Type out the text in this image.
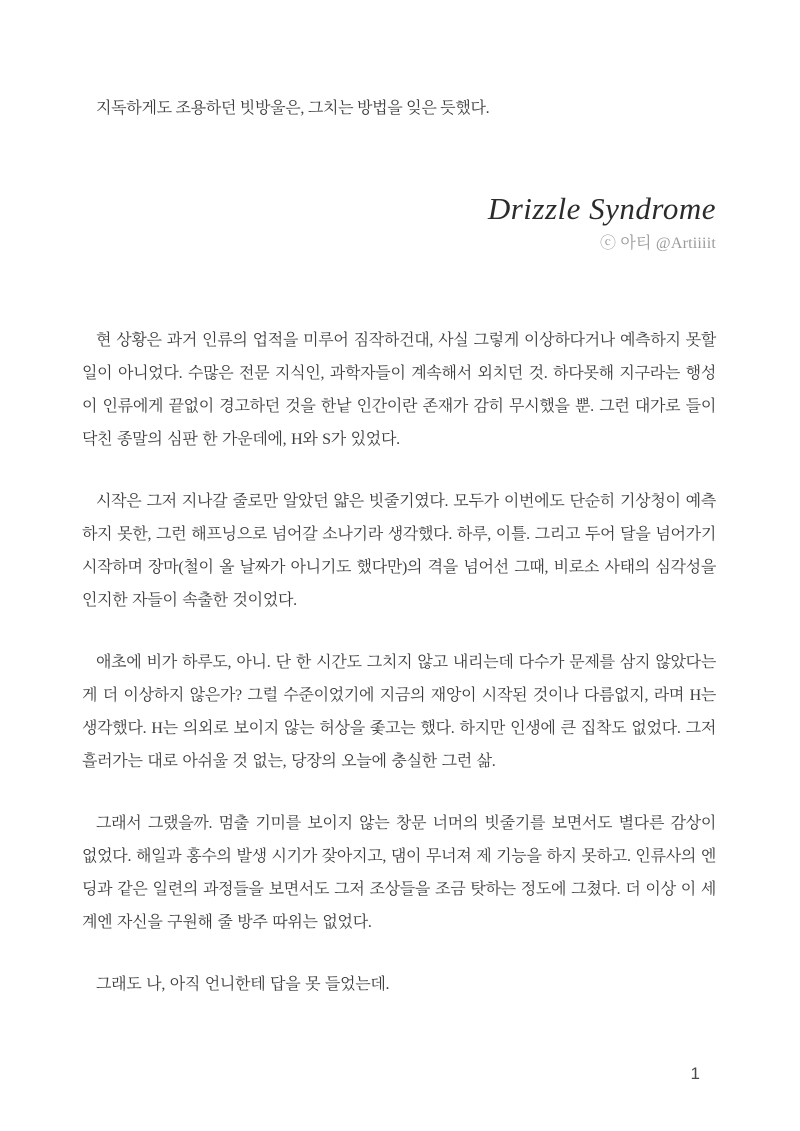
지독하게도 조용하던 빗방울은, 그치는 방법을 잊은 듯했다.

Drizzle Syndrome
ⓒ 아티 @Artiiiit

현 상황은 과거 인류의 업적을 미루어 짐작하건대, 사실 그렇게 이상하다거나 예측하지 못할 일이 아니었다. 수많은 전문 지식인, 과학자들이 계속해서 외치던 것. 하다못해 지구라는 행성이 인류에게 끝없이 경고하던 것을 한낱 인간이란 존재가 감히 무시했을 뿐. 그런 대가로 들이닥친 종말의 심판 한 가운데에, H와 S가 있었다.

시작은 그저 지나갈 줄로만 알았던 얇은 빗줄기였다. 모두가 이번에도 단순히 기상청이 예측하지 못한, 그런 해프닝으로 넘어갈 소나기라 생각했다. 하루, 이틀. 그리고 두어 달을 넘어가기 시작하며 장마(철이 올 날짜가 아니기도 했다만)의 격을 넘어선 그때, 비로소 사태의 심각성을 인지한 자들이 속출한 것이었다.

애초에 비가 하루도, 아니. 단 한 시간도 그치지 않고 내리는데 다수가 문제를 삼지 않았다는 게 더 이상하지 않은가? 그럴 수준이었기에 지금의 재앙이 시작된 것이나 다름없지, 라며 H는 생각했다. H는 의외로 보이지 않는 허상을 좇고는 했다. 하지만 인생에 큰 집착도 없었다. 그저 흘러가는 대로 아쉬울 것 없는, 당장의 오늘에 충실한 그런 삶.

그래서 그랬을까. 멈출 기미를 보이지 않는 창문 너머의 빗줄기를 보면서도 별다른 감상이 없었다. 해일과 홍수의 발생 시기가 잦아지고, 댐이 무너져 제 기능을 하지 못하고. 인류사의 엔딩과 같은 일련의 과정들을 보면서도 그저 조상들을 조금 탓하는 정도에 그쳤다. 더 이상 이 세계엔 자신을 구원해 줄 방주 따위는 없었다.

그래도 나, 아직 언니한테 답을 못 들었는데.

1
